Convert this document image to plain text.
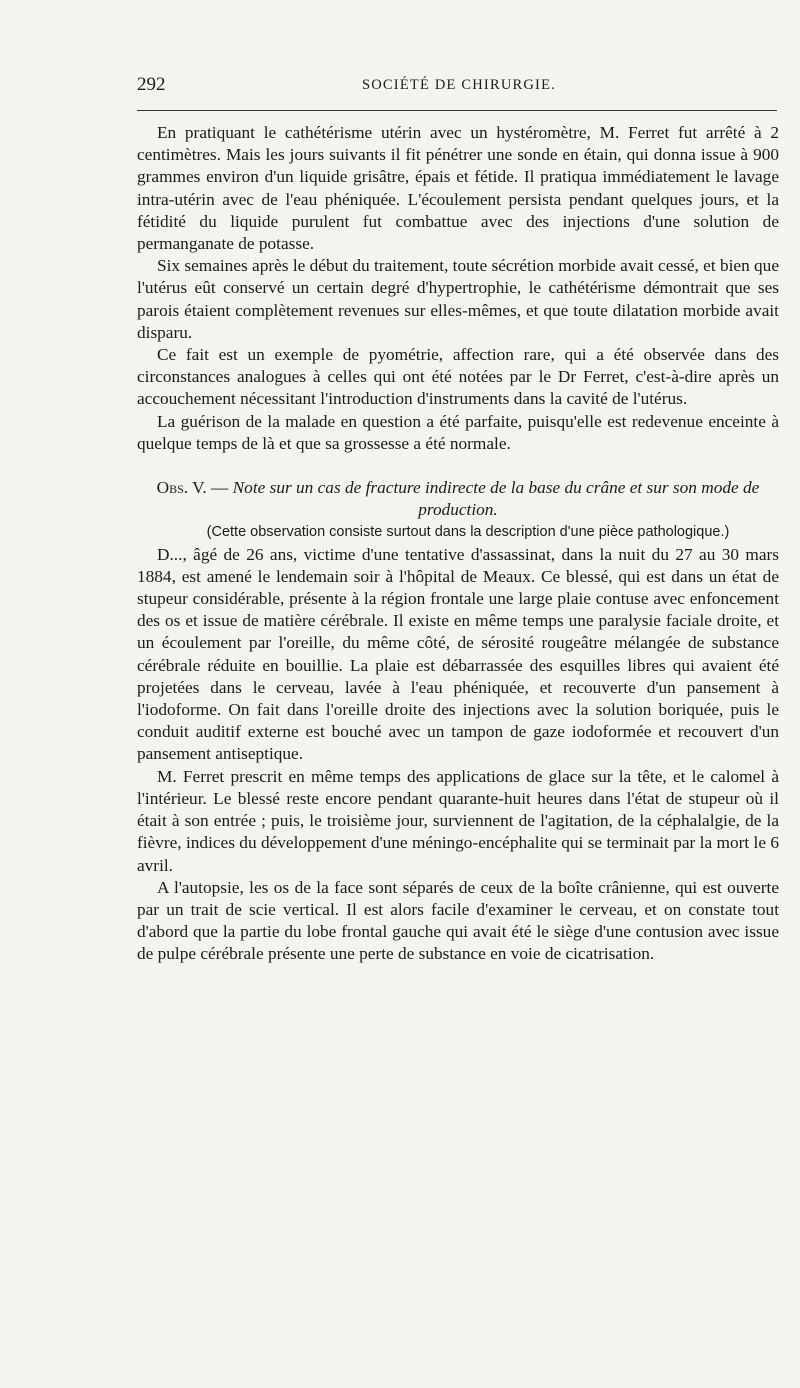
292	SOCIÉTÉ DE CHIRURGIE.

En pratiquant le cathétérisme utérin avec un hystéromètre, M. Ferret fut arrêté à 2 centimètres. Mais les jours suivants il fit pénétrer une sonde en étain, qui donna issue à 900 grammes environ d'un liquide grisâtre, épais et fétide. Il pratiqua immédiatement le lavage intra-utérin avec de l'eau phéniquée. L'écoulement persista pendant quelques jours, et la fétidité du liquide purulent fut combattue avec des injections d'une solution de permanganate de potasse.

Six semaines après le début du traitement, toute sécrétion morbide avait cessé, et bien que l'utérus eût conservé un certain degré d'hypertrophie, le cathétérisme démontrait que ses parois étaient complètement revenues sur elles-mêmes, et que toute dilatation morbide avait disparu.

Ce fait est un exemple de pyométrie, affection rare, qui a été observée dans des circonstances analogues à celles qui ont été notées par le Dr Ferret, c'est-à-dire après un accouchement nécessitant l'introduction d'instruments dans la cavité de l'utérus.

La guérison de la malade en question a été parfaite, puisqu'elle est redevenue enceinte à quelque temps de là et que sa grossesse a été normale.

Obs. V. — Note sur un cas de fracture indirecte de la base du crâne et sur son mode de production.

(Cette observation consiste surtout dans la description d'une pièce pathologique.)

D..., âgé de 26 ans, victime d'une tentative d'assassinat, dans la nuit du 27 au 30 mars 1884, est amené le lendemain soir à l'hôpital de Meaux. Ce blessé, qui est dans un état de stupeur considérable, présente à la région frontale une large plaie contuse avec enfoncement des os et issue de matière cérébrale. Il existe en même temps une paralysie faciale droite, et un écoulement par l'oreille, du même côté, de sérosité rougeâtre mélangée de substance cérébrale réduite en bouillie. La plaie est débarrassée des esquilles libres qui avaient été projetées dans le cerveau, lavée à l'eau phéniquée, et recouverte d'un pansement à l'iodoforme. On fait dans l'oreille droite des injections avec la solution boriquée, puis le conduit auditif externe est bouché avec un tampon de gaze iodoformée et recouvert d'un pansement antiseptique.

M. Ferret prescrit en même temps des applications de glace sur la tête, et le calomel à l'intérieur. Le blessé reste encore pendant quarante-huit heures dans l'état de stupeur où il était à son entrée ; puis, le troisième jour, surviennent de l'agitation, de la céphalalgie, de la fièvre, indices du développement d'une méningo-encéphalite qui se terminait par la mort le 6 avril.

A l'autopsie, les os de la face sont séparés de ceux de la boîte crânienne, qui est ouverte par un trait de scie vertical. Il est alors facile d'examiner le cerveau, et on constate tout d'abord que la partie du lobe frontal gauche qui avait été le siège d'une contusion avec issue de pulpe cérébrale présente une perte de substance en voie de cicatrisation.
